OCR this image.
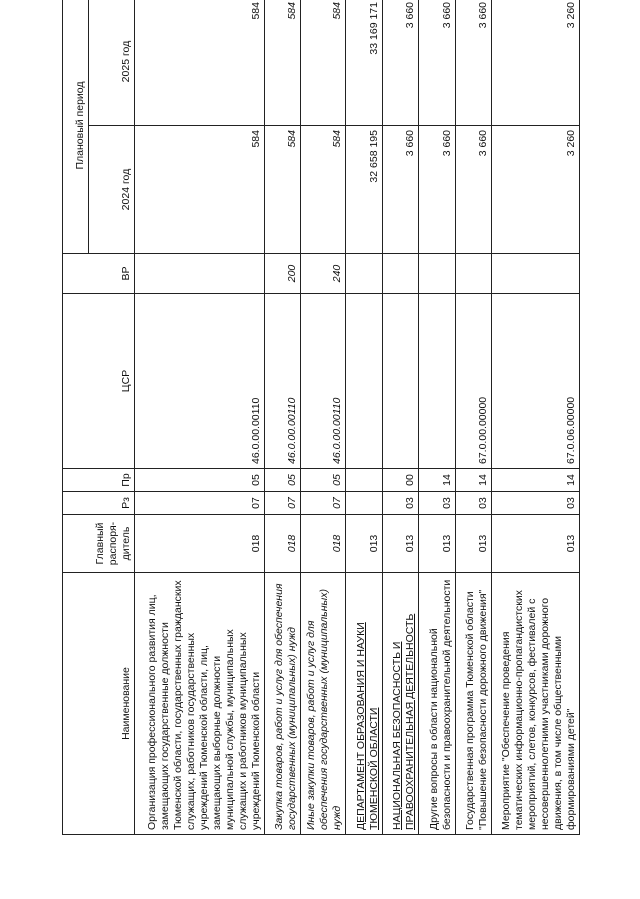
Наименование	Главный распоря-дитель	Рз	Пр	ЦСР	ВР	Плановый период	
						2024 год	2025 год
Организация профессионального развития лиц, замещающих государственные должности Тюменской области, государственных гражданских служащих, работников государственных учреждений Тюменской области, лиц, замещающих выборные должности муниципальной службы, муниципальных служащих и работников муниципальных учреждений Тюменской области	018	07	05	46.0.00.00110		584	584
Закупка товаров, работ и услуг для обеспечения государственных (муниципальных) нужд	018	07	05	46.0.00.00110	200	584	584
Иные закупки товаров, работ и услуг для обеспечения государственных (муниципальных) нужд	018	07	05	46.0.00.00110	240	584	584
ДЕПАРТАМЕНТ ОБРАЗОВАНИЯ И НАУКИ ТЮМЕНСКОЙ ОБЛАСТИ	013					32 658 195	33 169 171
НАЦИОНАЛЬНАЯ БЕЗОПАСНОСТЬ И ПРАВООХРАНИТЕЛЬНАЯ ДЕЯТЕЛЬНОСТЬ	013	03	00			3 660	3 660
Другие вопросы в области национальной безопасности и правоохранительной деятельности	013	03	14			3 660	3 660
Государственная программа Тюменской области "Повышение безопасности дорожного движения"	013	03	14	67.0.00.00000		3 660	3 660
Мероприятие "Обеспечение проведения тематических информационно-пропагандистских мероприятий, слетов, конкурсов, фестивалей с несовершеннолетними участниками дорожного движения, в том числе общественными формированиями детей"	013	03	14	67.0.06.00000		3 260	3 260
